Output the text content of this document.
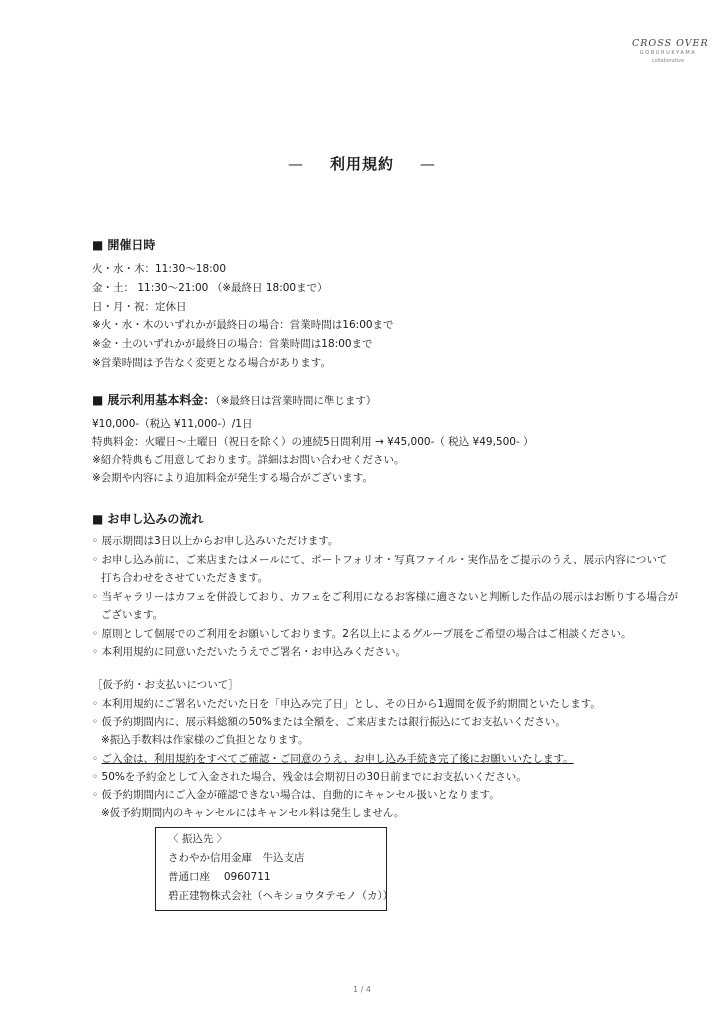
CROSS OVER
GOBURUKYAMA
collaborative
— 利用規約 —
■ 開催日時
火・水・木：11:30〜18:00
金・土： 11:30〜21:00 （※最終日 18:00まで）
日・月・祝：定休日
※火・水・木のいずれかが最終日の場合：営業時間は16:00まで
※金・土のいずれかが最終日の場合：営業時間は18:00まで
※営業時間は予告なく変更となる場合があります。
■ 展示利用基本料金：（※最終日は営業時間に準じます）
¥10,000-（税込 ¥11,000-）/1日
特典料金：火曜日〜土曜日（祝日を除く）の連続5日間利用 → ¥45,000-（ 税込 ¥49,500- ）
※紹介特典もご用意しております。詳細はお問い合わせください。
※会期や内容により追加料金が発生する場合がございます。
■ お申し込みの流れ
◦ 展示期間は3日以上からお申し込みいただけます。
◦ お申し込み前に、ご来店またはメールにて、ポートフォリオ・写真ファイル・実作品をご提示のうえ、展示内容について
打ち合わせをさせていただきます。
◦ 当ギャラリーはカフェを併設しており、カフェをご利用になるお客様に適さないと判断した作品の展示はお断りする場合が
ございます。
◦ 原則として個展でのご利用をお願いしております。2名以上によるグループ展をご希望の場合はご相談ください。
◦ 本利用規約に同意いただいたうえでご署名・お申込みください。
［仮予約・お支払いについて］
◦ 本利用規約にご署名いただいた日を「申込み完了日」とし、その日から1週間を仮予約期間といたします。
◦ 仮予約期間内に、展示料総額の50%または全額を、ご来店または銀行振込にてお支払いください。
※振込手数料は作家様のご負担となります。
◦ ご入金は、利用規約をすべてご確認・ご同意のうえ、お申し込み手続き完了後にお願いいたします。
◦ 50%を予約金として入金された場合、残金は会期初日の30日前までにお支払いください。
◦ 仮予約期間内にご入金が確認できない場合は、自動的にキャンセル扱いとなります。
※仮予約期間内のキャンセルにはキャンセル料は発生しません。
〈 振込先 〉
さわやか信用金庫　牛込支店
普通口座　 0960711
碧正建物株式会社（ヘキショウタテモノ（カ））
1 / 4
